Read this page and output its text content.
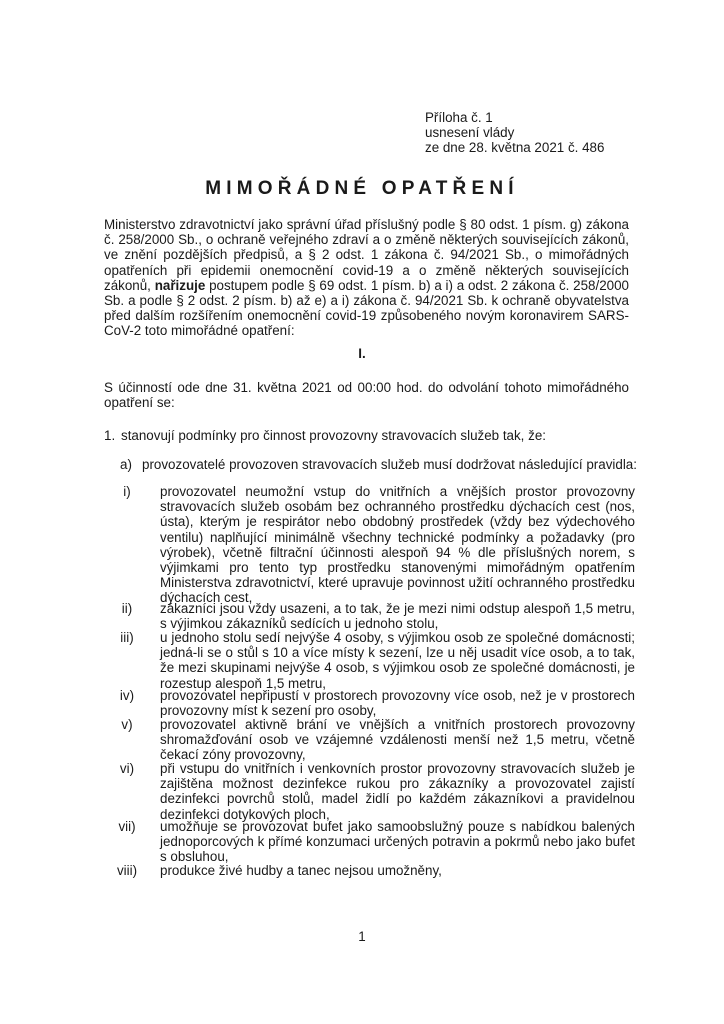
Příloha č. 1
usnesení vlády
ze dne 28. května 2021 č. 486
MIMOŘÁDNÉ OPATŘENÍ
Ministerstvo zdravotnictví jako správní úřad příslušný podle § 80 odst. 1 písm. g) zákona č. 258/2000 Sb., o ochraně veřejného zdraví a o změně některých souvisejících zákonů, ve znění pozdějších předpisů, a § 2 odst. 1 zákona č. 94/2021 Sb., o mimořádných opatřeních při epidemii onemocnění covid-19 a o změně některých souvisejících zákonů, nařizuje postupem podle § 69 odst. 1 písm. b) a i) a odst. 2 zákona č. 258/2000 Sb. a podle § 2 odst. 2 písm. b) až e) a i) zákona č. 94/2021 Sb. k ochraně obyvatelstva před dalším rozšířením onemocnění covid-19 způsobeného novým koronavirem SARS-CoV-2 toto mimořádné opatření:
I.
S účinností ode dne 31. května 2021 od 00:00 hod. do odvolání tohoto mimořádného opatření se:
1. stanovují podmínky pro činnost provozovny stravovacích služeb tak, že:
a) provozovatelé provozoven stravovacích služeb musí dodržovat následující pravidla:
i)	provozovatel neumožní vstup do vnitřních a vnějších prostor provozovny stravovacích služeb osobám bez ochranného prostředku dýchacích cest (nos, ústa), kterým je respirátor nebo obdobný prostředek (vždy bez výdechového ventilu) naplňující minimálně všechny technické podmínky a požadavky (pro výrobek), včetně filtrační účinnosti alespoň 94 % dle příslušných norem, s výjimkami pro tento typ prostředku stanovenými mimořádným opatřením Ministerstva zdravotnictví, které upravuje povinnost užití ochranného prostředku dýchacích cest,
ii)	zákazníci jsou vždy usazeni, a to tak, že je mezi nimi odstup alespoň 1,5 metru, s výjimkou zákazníků sedících u jednoho stolu,
iii)	u jednoho stolu sedí nejvýše 4 osoby, s výjimkou osob ze společné domácnosti; jedná-li se o stůl s 10 a více místy k sezení, lze u něj usadit více osob, a to tak, že mezi skupinami nejvýše 4 osob, s výjimkou osob ze společné domácnosti, je rozestup alespoň 1,5 metru,
iv)	provozovatel nepřipustí v prostorech provozovny více osob, než je v prostorech provozovny míst k sezení pro osoby,
v)	provozovatel aktivně brání ve vnějších a vnitřních prostorech provozovny shromažďování osob ve vzájemné vzdálenosti menší než 1,5 metru, včetně čekací zóny provozovny,
vi)	při vstupu do vnitřních i venkovních prostor provozovny stravovacích služeb je zajištěna možnost dezinfekce rukou pro zákazníky a provozovatel zajistí dezinfekci povrchů stolů, madel židlí po každém zákazníkovi a pravidelnou dezinfekci dotykových ploch,
vii)	umožňuje se provozovat bufet jako samoobslužný pouze s nabídkou balených jednoporcových k přímé konzumaci určených potravin a pokrmů nebo jako bufet s obsluhou,
viii)	produkce živé hudby a tanec nejsou umožněny,
1
